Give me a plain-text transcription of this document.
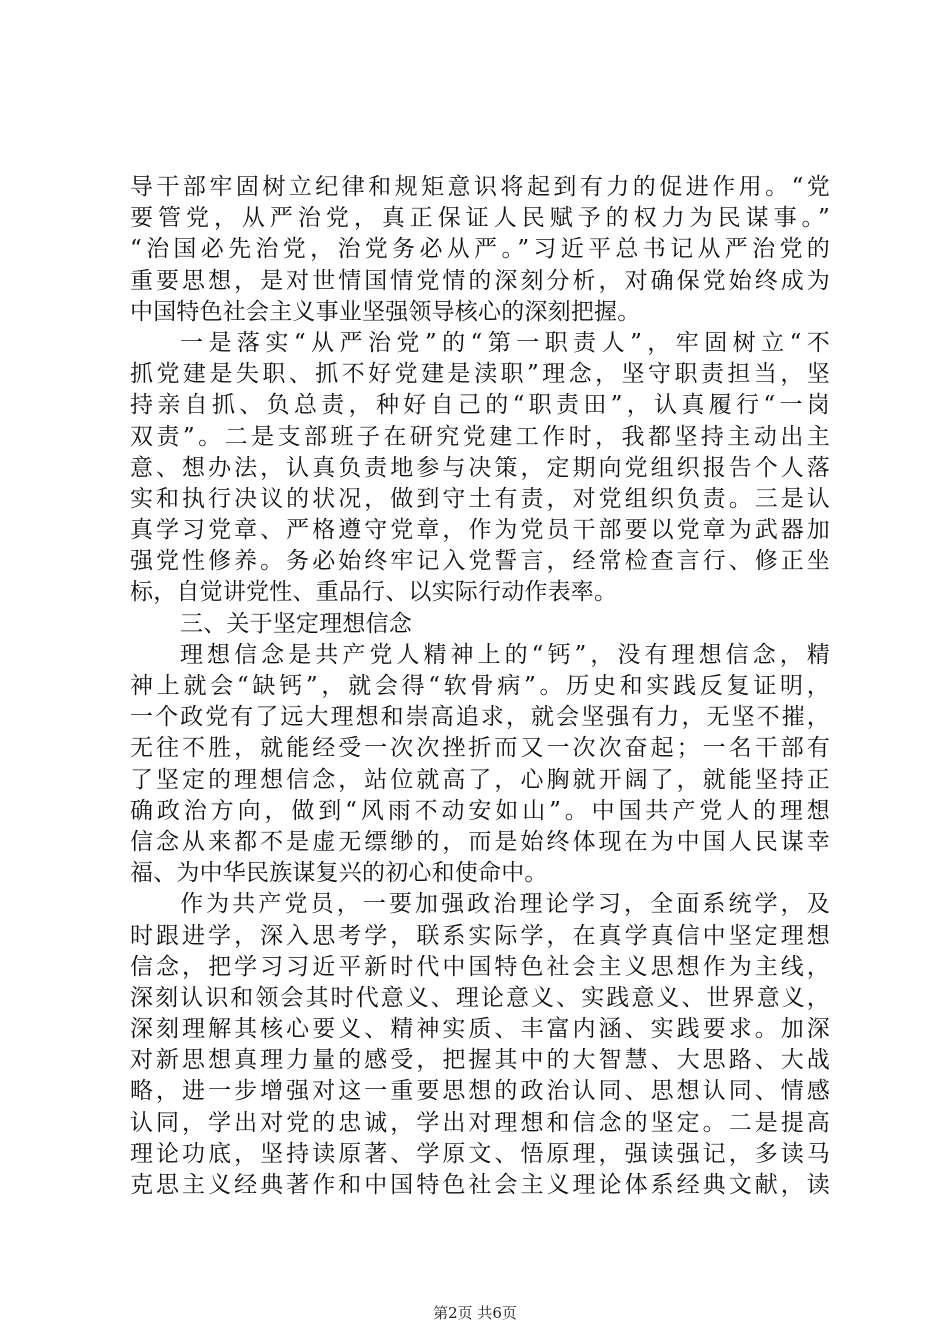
导干部牢固树立纪律和规矩意识将起到有力的促进作用。“党
要管党，从严治党，真正保证人民赋予的权力为民谋事。”
“治国必先治党，治党务必从严。”习近平总书记从严治党的
重要思想，是对世情国情党情的深刻分析，对确保党始终成为
中国特色社会主义事业坚强领导核心的深刻把握。
一是落实“从严治党”的“第一职责人”，牢固树立“不
抓党建是失职、抓不好党建是渎职”理念，坚守职责担当，坚
持亲自抓、负总责，种好自己的“职责田”，认真履行“一岗
双责”。二是支部班子在研究党建工作时，我都坚持主动出主
意、想办法，认真负责地参与决策，定期向党组织报告个人落
实和执行决议的状况，做到守土有责，对党组织负责。三是认
真学习党章、严格遵守党章，作为党员干部要以党章为武器加
强党性修养。务必始终牢记入党誓言，经常检查言行、修正坐
标，自觉讲党性、重品行、以实际行动作表率。
三、关于坚定理想信念
理想信念是共产党人精神上的“钙”，没有理想信念，精
神上就会“缺钙”，就会得“软骨病”。历史和实践反复证明，
一个政党有了远大理想和崇高追求，就会坚强有力，无坚不摧，
无往不胜，就能经受一次次挫折而又一次次奋起；一名干部有
了坚定的理想信念，站位就高了，心胸就开阔了，就能坚持正
确政治方向，做到“风雨不动安如山”。中国共产党人的理想
信念从来都不是虚无缥缈的，而是始终体现在为中国人民谋幸
福、为中华民族谋复兴的初心和使命中。
作为共产党员，一要加强政治理论学习，全面系统学，及
时跟进学，深入思考学，联系实际学，在真学真信中坚定理想
信念，把学习习近平新时代中国特色社会主义思想作为主线，
深刻认识和领会其时代意义、理论意义、实践意义、世界意义，
深刻理解其核心要义、精神实质、丰富内涵、实践要求。加深
对新思想真理力量的感受，把握其中的大智慧、大思路、大战
略，进一步增强对这一重要思想的政治认同、思想认同、情感
认同，学出对党的忠诚，学出对理想和信念的坚定。二是提高
理论功底，坚持读原著、学原文、悟原理，强读强记，多读马
克思主义经典著作和中国特色社会主义理论体系经典文献，读
第2页 共6页
